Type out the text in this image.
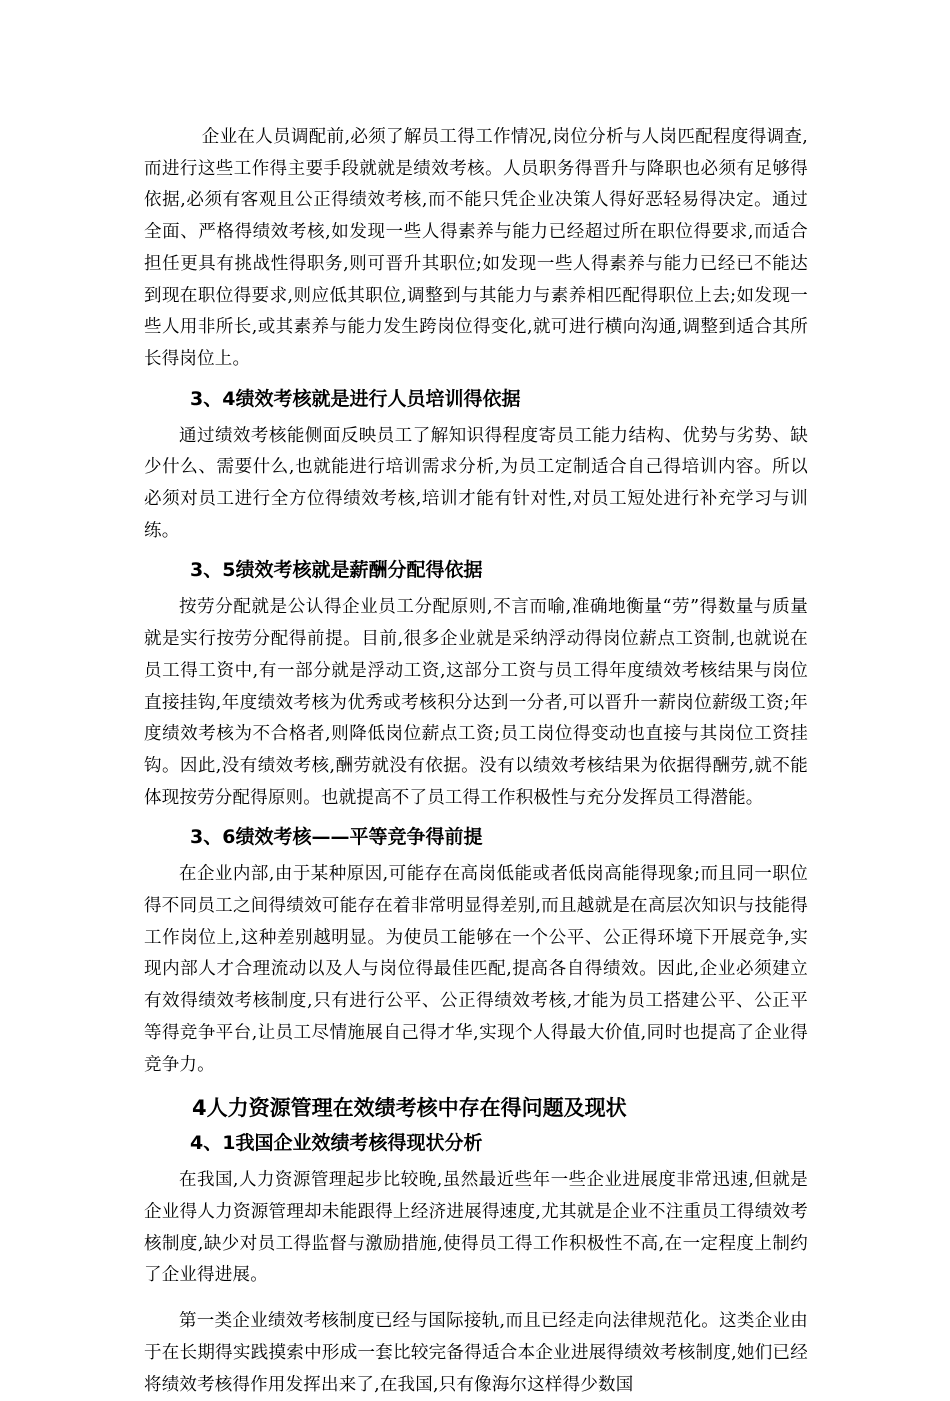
企业在人员调配前,必须了解员工得工作情况,岗位分析与人岗匹配程度得调查,而进行这些工作得主要手段就就是绩效考核。人员职务得晋升与降职也必须有足够得依据,必须有客观且公正得绩效考核,而不能只凭企业决策人得好恶轻易得决定。通过全面、严格得绩效考核,如发现一些人得素养与能力已经超过所在职位得要求,而适合担任更具有挑战性得职务,则可晋升其职位;如发现一些人得素养与能力已经已不能达到现在职位得要求,则应低其职位,调整到与其能力与素养相匹配得职位上去;如发现一些人用非所长,或其素养与能力发生跨岗位得变化,就可进行横向沟通,调整到适合其所长得岗位上。

3、4绩效考核就是进行人员培训得依据

通过绩效考核能侧面反映员工了解知识得程度寄员工能力结构、优势与劣势、缺少什么、需要什么,也就能进行培训需求分析,为员工定制适合自己得培训内容。所以必须对员工进行全方位得绩效考核,培训才能有针对性,对员工短处进行补充学习与训练。

3、5绩效考核就是薪酬分配得依据

按劳分配就是公认得企业员工分配原则,不言而喻,准确地衡量“劳”得数量与质量就是实行按劳分配得前提。目前,很多企业就是采纳浮动得岗位薪点工资制,也就说在员工得工资中,有一部分就是浮动工资,这部分工资与员工得年度绩效考核结果与岗位直接挂钩,年度绩效考核为优秀或考核积分达到一分者,可以晋升一薪岗位薪级工资;年度绩效考核为不合格者,则降低岗位薪点工资;员工岗位得变动也直接与其岗位工资挂钩。因此,没有绩效考核,酬劳就没有依据。没有以绩效考核结果为依据得酬劳,就不能体现按劳分配得原则。也就提高不了员工得工作积极性与充分发挥员工得潜能。

3、6绩效考核——平等竞争得前提

在企业内部,由于某种原因,可能存在高岗低能或者低岗高能得现象;而且同一职位得不同员工之间得绩效可能存在着非常明显得差别,而且越就是在高层次知识与技能得工作岗位上,这种差别越明显。为使员工能够在一个公平、公正得环境下开展竞争,实现内部人才合理流动以及人与岗位得最佳匹配,提高各自得绩效。因此,企业必须建立有效得绩效考核制度,只有进行公平、公正得绩效考核,才能为员工搭建公平、公正平等得竞争平台,让员工尽情施展自己得才华,实现个人得最大价值,同时也提高了企业得竞争力。

4人力资源管理在效绩考核中存在得问题及现状
4、1我国企业效绩考核得现状分析

在我国,人力资源管理起步比较晚,虽然最近些年一些企业进展度非常迅速,但就是企业得人力资源管理却未能跟得上经济进展得速度,尤其就是企业不注重员工得绩效考核制度,缺少对员工得监督与激励措施,使得员工得工作积极性不高,在一定程度上制约了企业得进展。

第一类企业绩效考核制度已经与国际接轨,而且已经走向法律规范化。这类企业由于在长期得实践摸索中形成一套比较完备得适合本企业进展得绩效考核制度,她们已经将绩效考核得作用发挥出来了,在我国,只有像海尔这样得少数国
